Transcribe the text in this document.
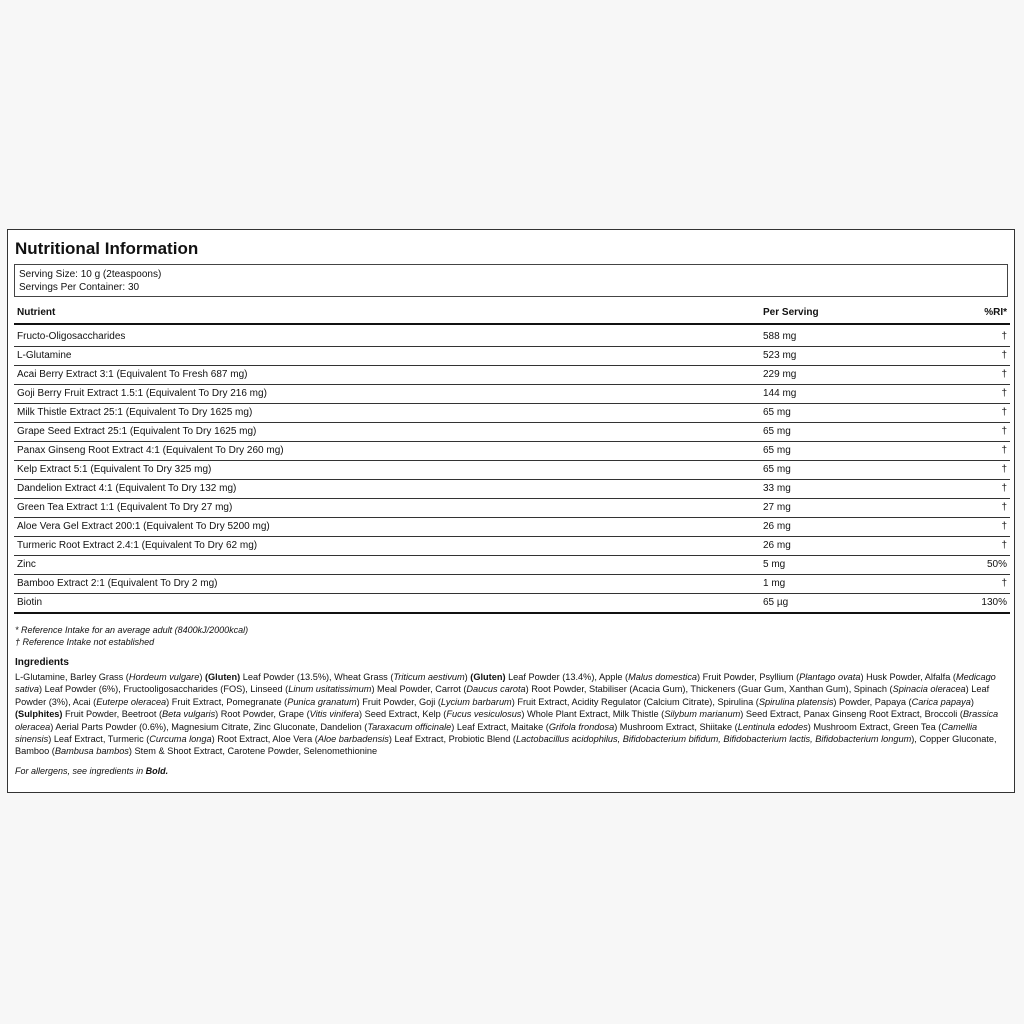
Nutritional Information
Serving Size: 10 g (2teaspoons)
Servings Per Container: 30
Nutrient	Per Serving	%RI*
Fructo-Oligosaccharides	588 mg	†
L-Glutamine	523 mg	†
Acai Berry Extract 3:1 (Equivalent To Fresh 687 mg)	229 mg	†
Goji Berry Fruit Extract 1.5:1 (Equivalent To Dry 216 mg)	144 mg	†
Milk Thistle Extract 25:1 (Equivalent To Dry 1625 mg)	65 mg	†
Grape Seed Extract 25:1 (Equivalent To Dry 1625 mg)	65 mg	†
Panax Ginseng Root Extract 4:1 (Equivalent To Dry 260 mg)	65 mg	†
Kelp Extract 5:1 (Equivalent To Dry 325 mg)	65 mg	†
Dandelion Extract 4:1 (Equivalent To Dry 132 mg)	33 mg	†
Green Tea Extract 1:1 (Equivalent To Dry 27 mg)	27 mg	†
Aloe Vera Gel Extract 200:1 (Equivalent To Dry 5200 mg)	26 mg	†
Turmeric Root Extract 2.4:1 (Equivalent To Dry 62 mg)	26 mg	†
Zinc	5 mg	50%
Bamboo Extract 2:1 (Equivalent To Dry 2 mg)	1 mg	†
Biotin	65 µg	130%
* Reference Intake for an average adult (8400kJ/2000kcal)
† Reference Intake not established
Ingredients
L-Glutamine, Barley Grass (Hordeum vulgare) (Gluten) Leaf Powder (13.5%), Wheat Grass (Triticum aestivum) (Gluten) Leaf Powder (13.4%), Apple (Malus domestica) Fruit Powder, Psyllium (Plantago ovata) Husk Powder, Alfalfa (Medicago sativa) Leaf Powder (6%), Fructooligosaccharides (FOS), Linseed (Linum usitatissimum) Meal Powder, Carrot (Daucus carota) Root Powder, Stabiliser (Acacia Gum), Thickeners (Guar Gum, Xanthan Gum), Spinach (Spinacia oleracea) Leaf Powder (3%), Acai (Euterpe oleracea) Fruit Extract, Pomegranate (Punica granatum) Fruit Powder, Goji (Lycium barbarum) Fruit Extract, Acidity Regulator (Calcium Citrate), Spirulina (Spirulina platensis) Powder, Papaya (Carica papaya) (Sulphites) Fruit Powder, Beetroot (Beta vulgaris) Root Powder, Grape (Vitis vinifera) Seed Extract, Kelp (Fucus vesiculosus) Whole Plant Extract, Milk Thistle (Silybum marianum) Seed Extract, Panax Ginseng Root Extract, Broccoli (Brassica oleracea) Aerial Parts Powder (0.6%), Magnesium Citrate, Zinc Gluconate, Dandelion (Taraxacum officinale) Leaf Extract, Maitake (Grifola frondosa) Mushroom Extract, Shiitake (Lentinula edodes) Mushroom Extract, Green Tea (Camellia sinensis) Leaf Extract, Turmeric (Curcuma longa) Root Extract, Aloe Vera (Aloe barbadensis) Leaf Extract, Probiotic Blend (Lactobacillus acidophilus, Bifidobacterium bifidum, Bifidobacterium lactis, Bifidobacterium longum), Copper Gluconate, Bamboo (Bambusa bambos) Stem & Shoot Extract, Carotene Powder, Selenomethionine
For allergens, see ingredients in Bold.
